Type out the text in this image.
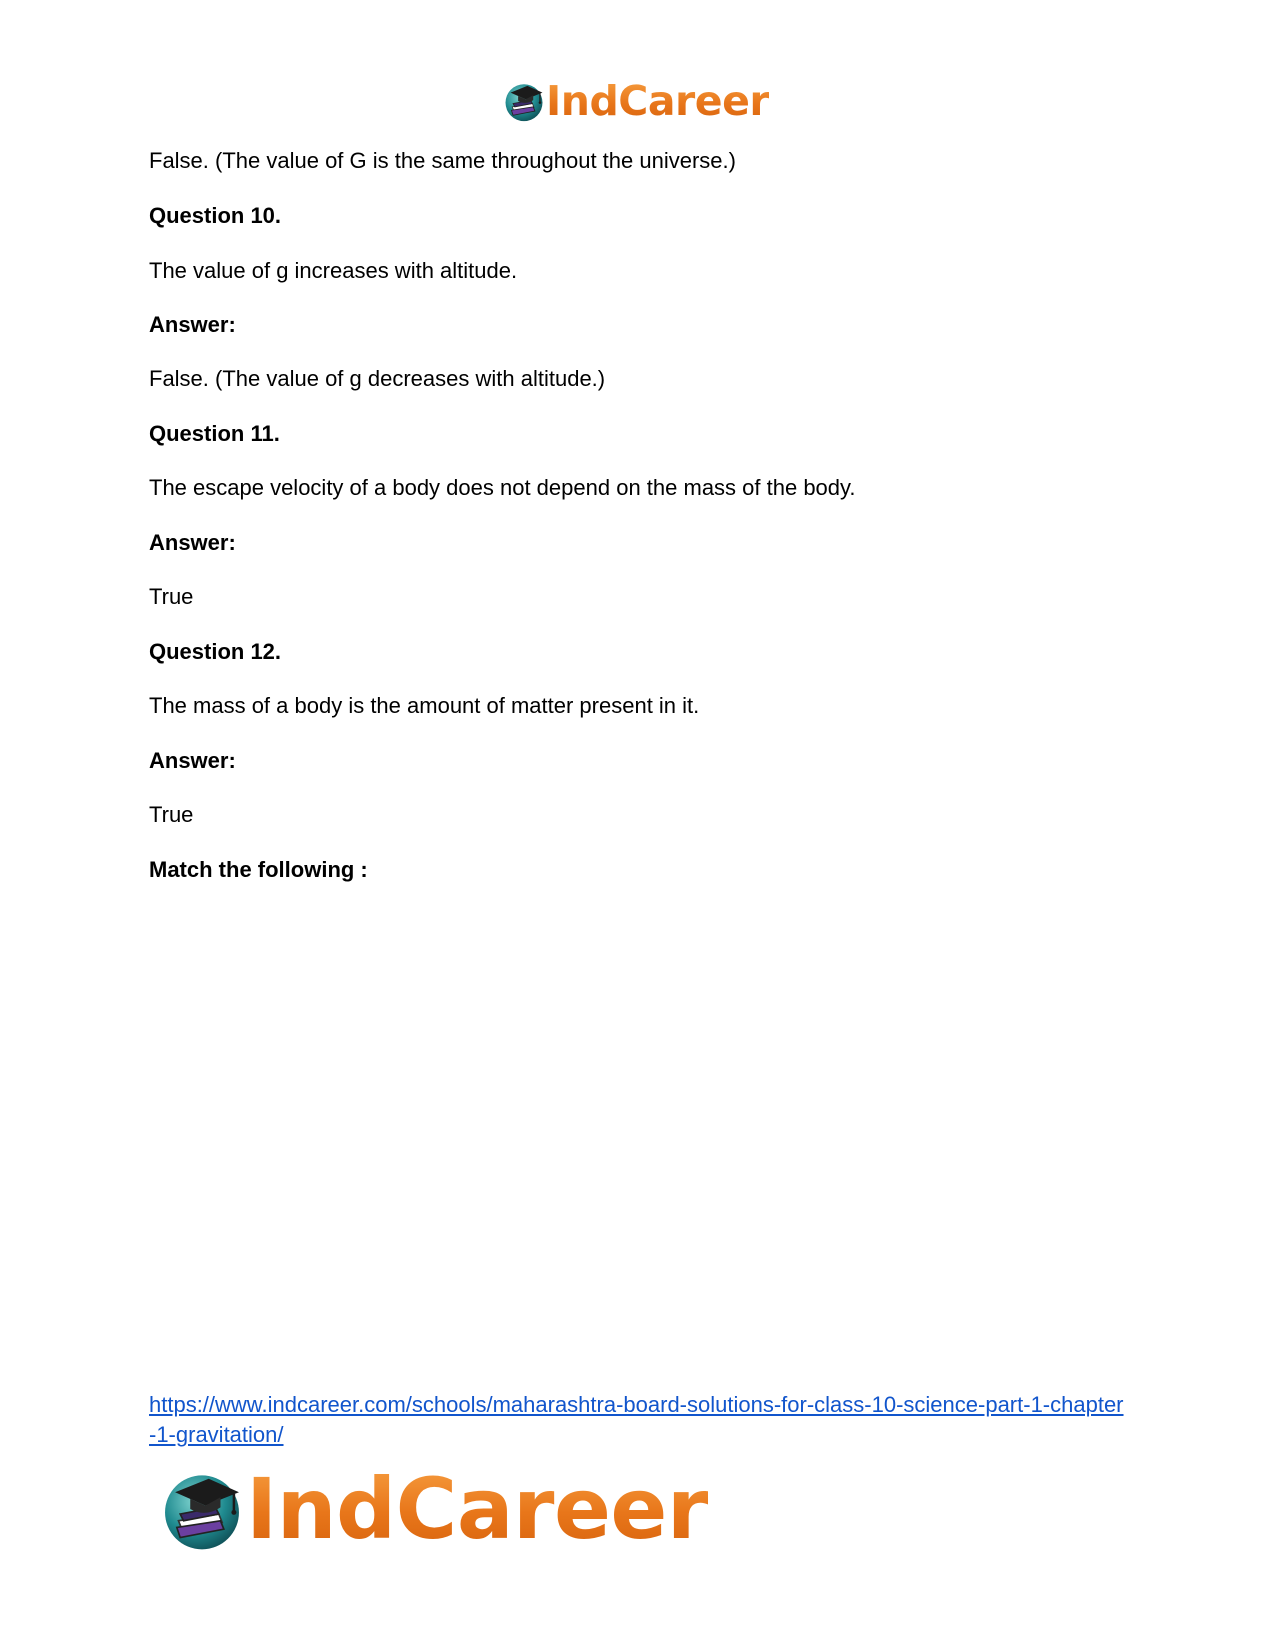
IndCareer
False. (The value of G is the same throughout the universe.)
Question 10.
The value of g increases with altitude.
Answer:
False. (The value of g decreases with altitude.)
Question 11.
The escape velocity of a body does not depend on the mass of the body.
Answer:
True
Question 12.
The mass of a body is the amount of matter present in it.
Answer:
True
Match the following :
https://www.indcareer.com/schools/maharashtra-board-solutions-for-class-10-science-part-1-chapter-1-gravitation/
IndCareer
